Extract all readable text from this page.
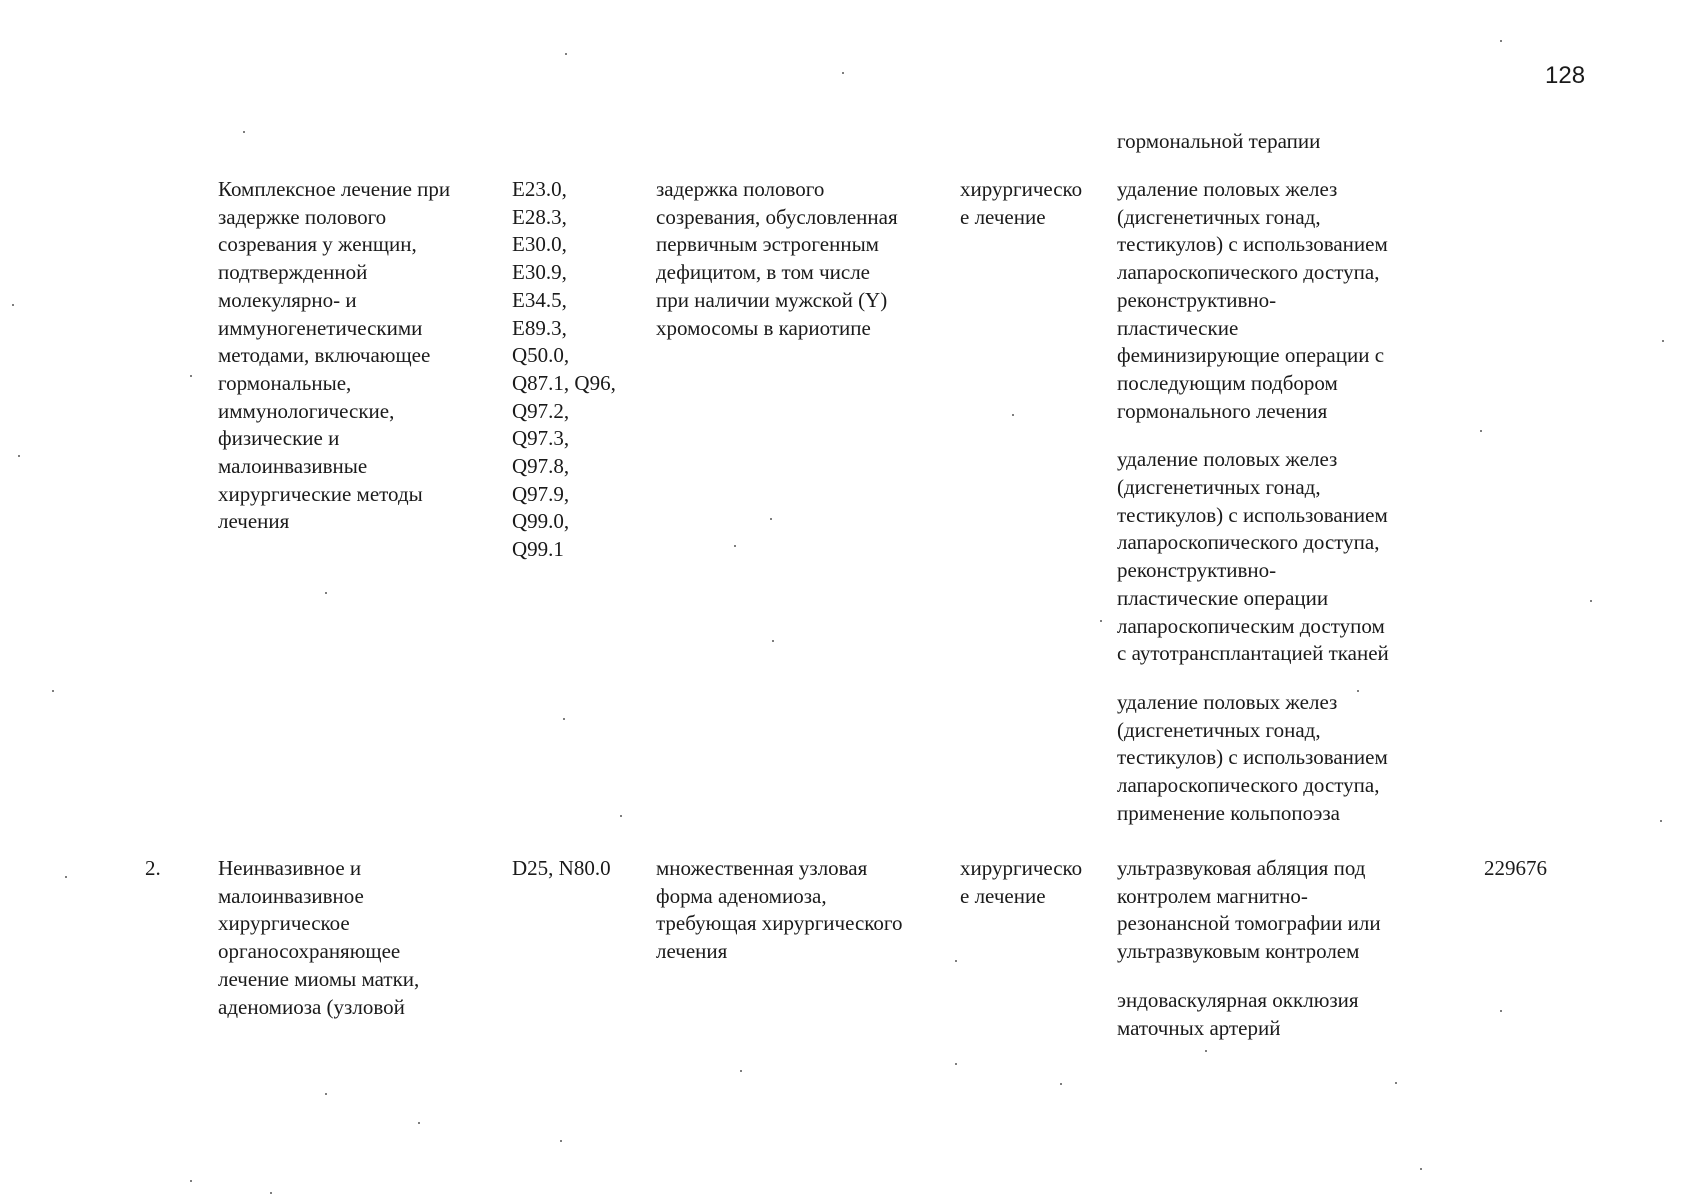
128
гормональной терапии
Комплексное лечение при
задержке полового
созревания у женщин,
подтвержденной
молекулярно- и
иммуногенетическими
методами, включающее
гормональные,
иммунологические,
физические и
малоинвазивные
хирургические методы
лечения
E23.0,
E28.3,
E30.0,
E30.9,
E34.5,
E89.3,
Q50.0,
Q87.1, Q96,
Q97.2,
Q97.3,
Q97.8,
Q97.9,
Q99.0,
Q99.1
задержка полового
созревания, обусловленная
первичным эстрогенным
дефицитом, в том числе
при наличии мужской (Y)
хромосомы в кариотипе
хирургическо
е лечение
удаление половых желез
(дисгенетичных гонад,
тестикулов) с использованием
лапароскопического доступа,
реконструктивно-
пластические
феминизирующие операции с
последующим подбором
гормонального лечения
удаление половых желез
(дисгенетичных гонад,
тестикулов) с использованием
лапароскопического доступа,
реконструктивно-
пластические операции
лапароскопическим доступом
с аутотрансплантацией тканей
удаление половых желез
(дисгенетичных гонад,
тестикулов) с использованием
лапароскопического доступа,
применение кольпопоэза
2.	Неинвазивное и
малоинвазивное
хирургическое
органосохраняющее
лечение миомы матки,
аденомиоза (узловой
D25, N80.0	множественная узловая
форма аденомиоза,
требующая хирургического
лечения
хирургическо
е лечение
ультразвуковая абляция под
контролем магнитно-
резонансной томографии или
ультразвуковым контролем
эндоваскулярная окклюзия
маточных артерий
229676
